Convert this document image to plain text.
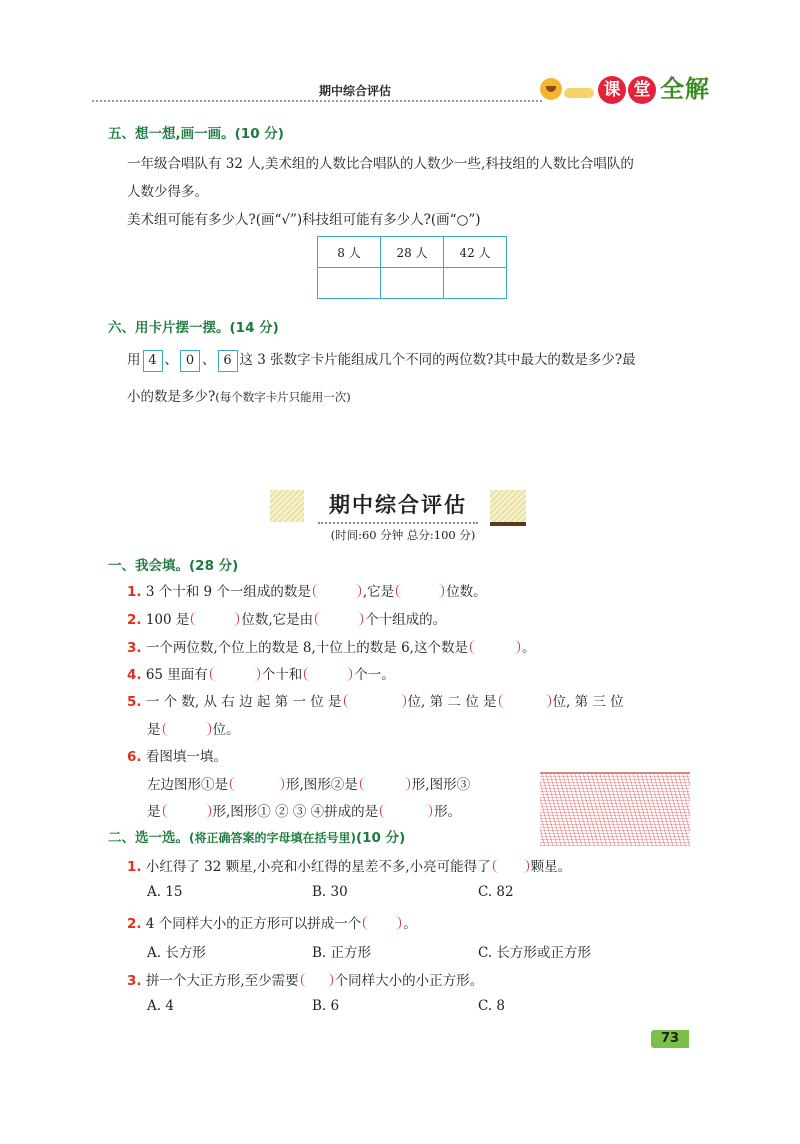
期中综合评估	课 堂 全解
五、想一想,画一画。(10 分)
一年级合唱队有 32 人,美术组的人数比合唱队的人数少一些,科技组的人数比合唱队的
人数少得多。
美术组可能有多少人?(画“√”)科技组可能有多少人?(画“○”)
8 人	28 人	42 人

六、用卡片摆一摆。(14 分)
用 4 、 0 、 6 这 3 张数字卡片能组成几个不同的两位数?其中最大的数是多少?最
小的数是多少?(每个数字卡片只能用一次)
期中综合评估
(时间:60 分钟 总分:100 分)
一、我会填。(28 分)
1. 3 个十和 9 个一组成的数是	,它是	位数。
2. 100 是	位数,它是由	个十组成的。
3. 一个两位数,个位上的数是 8,十位上的数是 6,这个数是	。
4. 65 里面有	个十和	个一。
5. 一 个 数, 从 右 边 起 第 一 位 是	位, 第 二 位 是	位, 第 三 位
是	位。
6. 看图填一填。
左边图形①是	形,图形②是	形,图形③
是	形,图形① ② ③ ④拼成的是	形。
二、选一选。(将正确答案的字母填在括号里)(10 分)
1. 小红得了 32 颗星,小亮和小红得的星差不多,小亮可能得了	颗星。
A. 15	B. 30	C. 82
2. 4 个同样大小的正方形可以拼成一个	。
A. 长方形	B. 正方形	C. 长方形或正方形
3. 拼一个大正方形,至少需要	个同样大小的小正方形。
A. 4	B. 6	C. 8
73
